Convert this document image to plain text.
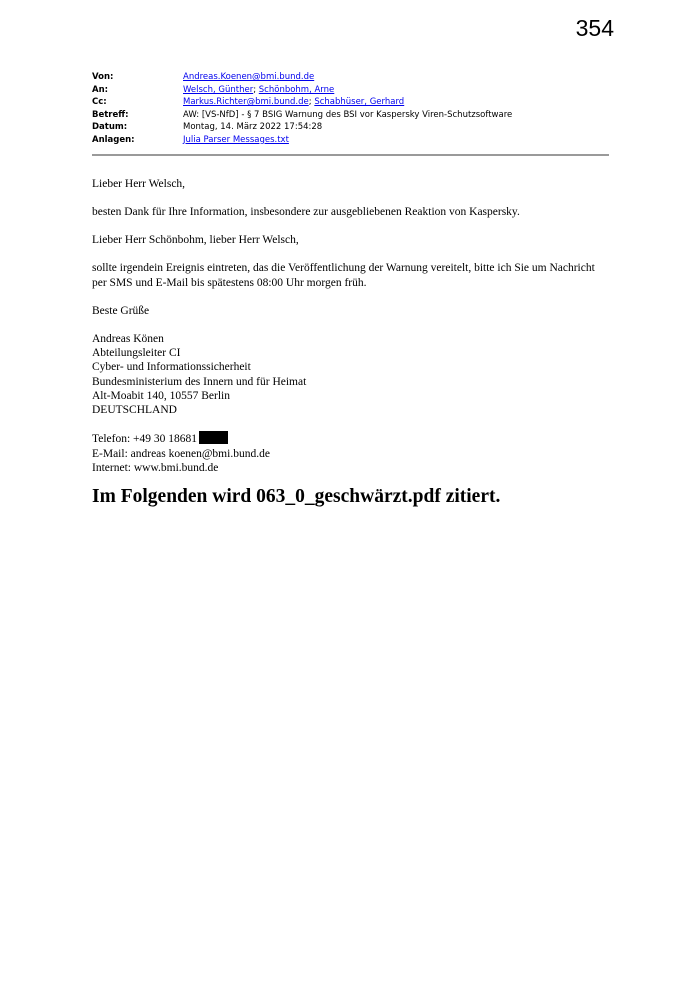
354
Von:	Andreas.Koenen@bmi.bund.de
An:	Welsch, Günther; Schönbohm, Arne
Cc:	Markus.Richter@bmi.bund.de; Schabhüser, Gerhard
Betreff:	AW: [VS-NfD] - § 7 BSIG Warnung des BSI vor Kaspersky Viren-Schutzsoftware
Datum:	Montag, 14. März 2022 17:54:28
Anlagen:	Julia Parser Messages.txt

Lieber Herr Welsch,

besten Dank für Ihre Information, insbesondere zur ausgebliebenen Reaktion von Kaspersky.

Lieber Herr Schönbohm, lieber Herr Welsch,

sollte irgendein Ereignis eintreten, das die Veröffentlichung der Warnung vereitelt, bitte ich Sie um Nachricht
per SMS und E-Mail bis spätestens 08:00 Uhr morgen früh.

Beste Grüße

Andreas Könen
Abteilungsleiter CI
Cyber- und Informationssicherheit
Bundesministerium des Innern und für Heimat
Alt-Moabit 140, 10557 Berlin
DEUTSCHLAND

Telefon: +49 30 18681
E-Mail: andreas koenen@bmi.bund.de
Internet: www.bmi.bund.de

Im Folgenden wird 063_0_geschwärzt.pdf zitiert.
